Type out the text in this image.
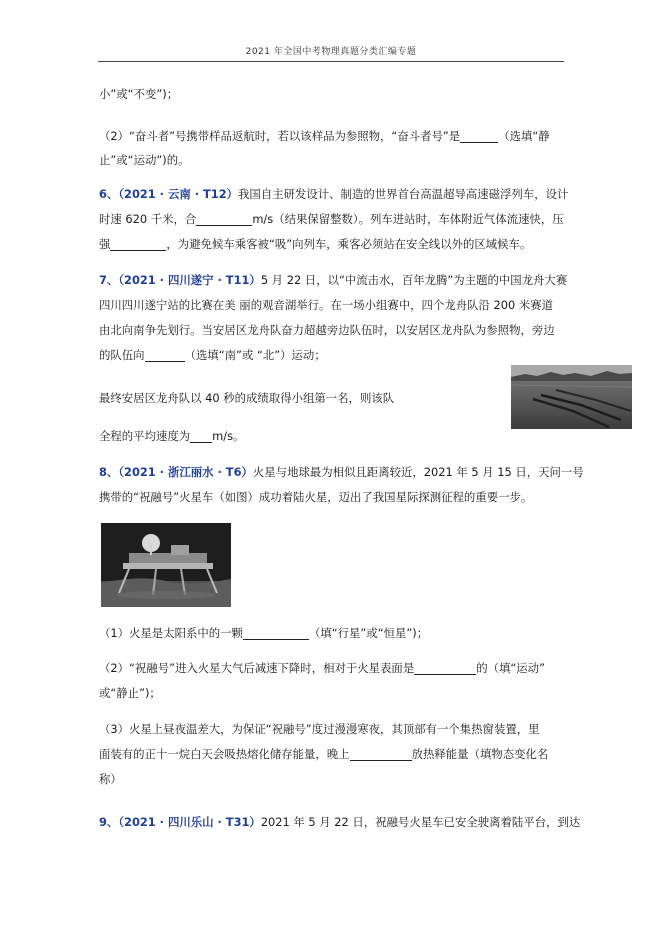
2021 年全国中考物理真题分类汇编专题
小”或“不变”)；
（2）“奋斗者”号携带样品返航时，若以该样品为参照物，“奋斗者号”是	（选填“静
止”或“运动”)的。
6、（2021 · 云南 · T12）我国自主研发设计、制造的世界首台高温超导高速磁浮列车，设计
时速 620 千米，合	m/s（结果保留整数）。列车进站时，车体附近气体流速快，压
强	，为避免候车乘客被“吸”向列车，乘客必须站在安全线以外的区域候车。
7、（2021 · 四川遂宁 · T11）5 月 22 日，以“中流击水，百年龙腾”为主题的中国龙舟大赛
四川四川遂宁站的比赛在美 丽的观音湖举行。在一场小组赛中，四个龙舟队沿 200 米赛道
由北向南争先划行。当安居区龙舟队奋力超越旁边队伍时，以安居区龙舟队为参照物，旁边
的队伍向	（选填“南”或 “北”）运动；
最终安居区龙舟队以 40 秒的成绩取得小组第一名，则该队
全程的平均速度为 m/s。
8、（2021 · 浙江丽水 · T6）火星与地球最为相似且距离较近，2021 年 5 月 15 日，天问一号
携带的“祝融号”火星车（如图）成功着陆火星，迈出了我国星际探测征程的重要一步。
（1）火星是太阳系中的一颗	（填“行星”或“恒星”)；
（2）“祝融号”进入火星大气后减速下降时，相对于火星表面是	的（填“运动”
或“静止”)；
（3）火星上昼夜温差大，为保证“祝融号”度过漫漫寒夜，其顶部有一个集热窗装置，里
面装有的正十一烷白天会吸热熔化储存能量，晚上	放热释能量（填物态变化名
称）
9、（2021 · 四川乐山 · T31）2021 年 5 月 22 日，祝融号火星车已安全驶离着陆平台，到达
